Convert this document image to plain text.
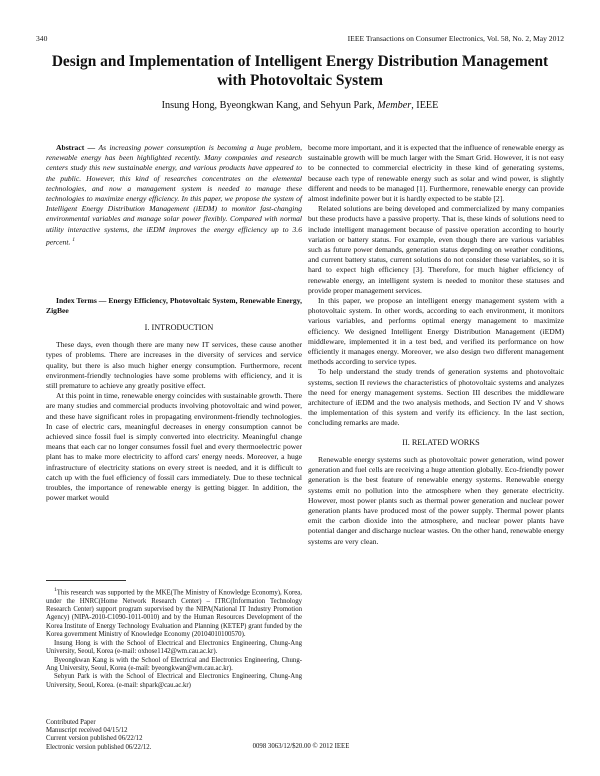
340	IEEE Transactions on Consumer Electronics, Vol. 58, No. 2, May 2012
Design and Implementation of Intelligent Energy Distribution Management with Photovoltaic System
Insung Hong, Byeongkwan Kang, and Sehyun Park, Member, IEEE
Abstract — As increasing power consumption is becoming a huge problem, renewable energy has been highlighted recently. Many companies and research centers study this new sustainable energy, and various products have appeared to the public. However, this kind of researches concentrates on the elemental technologies, and now a management system is needed to manage these technologies to maximize energy efficiency. In this paper, we propose the system of Intelligent Energy Distribution Management (iEDM) to monitor fast-changing environmental variables and manage solar power flexibly. Compared with normal utility interactive systems, the iEDM improves the energy efficiency up to 3.6 percent. $^1$
Index Terms — Energy Efficiency, Photovoltaic System, Renewable Energy, ZigBee

I. INTRODUCTION

These days, even though there are many new IT services, these cause another types of problems. There are increases in the diversity of services and service quality, but there is also much higher energy consumption. Furthermore, recent environment-friendly technologies have some problems with efficiency, and it is still premature to achieve any greatly positive effect.

At this point in time, renewable energy coincides with sustainable growth. There are many studies and commercial products involving photovoltaic and wind power, and these have significant roles in propagating environment-friendly technologies. In case of electric cars, meaningful decreases in energy consumption cannot be achieved since fossil fuel is simply converted into electricity. Meaningful change means that each car no longer consumes fossil fuel and every thermoelectric power plant has to make more electricity to afford cars' energy needs. Moreover, a huge infrastructure of electricity stations on every street is needed, and it is difficult to catch up with the fuel efficiency of fossil cars immediately. Due to these technical troubles, the importance of renewable energy is getting bigger. In addition, the power market would

$^1$This research was supported by the MKE(The Ministry of Knowledge Economy), Korea, under the HNRC(Home Network Research Center) – ITRC(Information Technology Research Center) support program supervised by the NIPA(National IT Industry Promotion Agency) (NIPA-2010-C1090-1011-0010) and by the Human Resources Development of the Korea Institute of Energy Technology Evaluation and Planning (KETEP) grant funded by the Korea government Ministry of Knowledge Economy (20104010100570).

Insung Hong is with the School of Electrical and Electronics Engineering, Chung-Ang University, Seoul, Korea (e-mail: oxhose1142@wm.cau.ac.kr).

Byeongkwan Kang is with the School of Electrical and Electronics Engineering, Chung-Ang University, Seoul, Korea (e-mail: byeongkwan@wm.cau.ac.kr).

Sehyun Park is with the School of Electrical and Electronics Engineering, Chung-Ang University, Seoul, Korea. (e-mail: shpark@cau.ac.kr)

Contributed Paper
Manuscript received 04/15/12
Current version published 06/22/12
Electronic version published 06/22/12.	0098 3063/12/$20.00 © 2012 IEEE

become more important, and it is expected that the influence of renewable energy as sustainable growth will be much larger with the Smart Grid. However, it is not easy to be connected to commercial electricity in these kind of generating systems, because each type of renewable energy such as solar and wind power, is slightly different and needs to be managed [1]. Furthermore, renewable energy can provide almost indefinite power but it is hardly expected to be stable [2].

Related solutions are being developed and commercialized by many companies but these products have a passive property. That is, these kinds of solutions need to include intelligent management because of passive operation according to hourly variation or battery status. For example, even though there are various variables such as future power demands, generation status depending on weather conditions, and current battery status, current solutions do not consider these variables, so it is hard to expect high efficiency [3]. Therefore, for much higher efficiency of renewable energy, an intelligent system is needed to monitor these statuses and provide proper management services.

In this paper, we propose an intelligent energy management system with a photovoltaic system. In other words, according to each environment, it monitors various variables, and performs optimal energy management to maximize efficiency. We designed Intelligent Energy Distribution Management (iEDM) middleware, implemented it in a test bed, and verified its performance on how efficiently it manages energy. Moreover, we also design two different management methods according to service types.

To help understand the study trends of generation systems and photovoltaic systems, section II reviews the characteristics of photovoltaic systems and analyzes the need for energy management systems. Section III describes the middleware architecture of iEDM and the two analysis methods, and Section IV and V shows the implementation of this system and verify its efficiency. In the last section, concluding remarks are made.

II. RELATED WORKS

Renewable energy systems such as photovoltaic power generation, wind power generation and fuel cells are receiving a huge attention globally. Eco-friendly power generation is the best feature of renewable energy systems. Renewable energy systems emit no pollution into the atmosphere when they generate electricity. However, most power plants such as thermal power generation and nuclear power generation plants have produced most of the power supply. Thermal power plants emit the carbon dioxide into the atmosphere, and nuclear power plants have potential danger and discharge nuclear wastes. On the other hand, renewable energy systems are very clean.
